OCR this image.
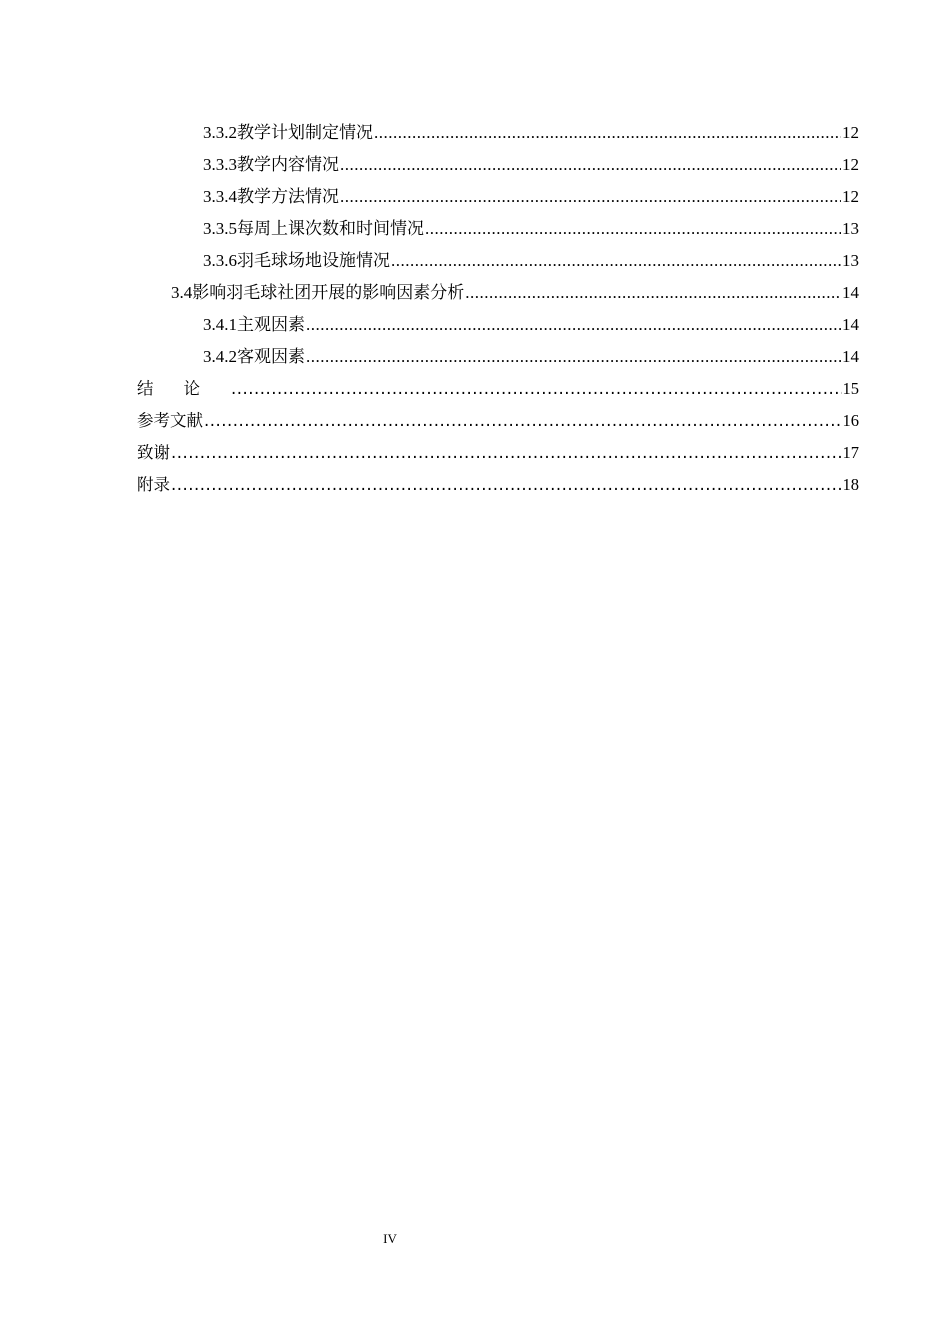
3.3.2 教学计划制定情况 .....	12
3.3.3 教学内容情况 .....	12
3.3.4 教学方法情况 .....	12
3.3.5 每周上课次数和时间情况 .....	13
3.3.6 羽毛球场地设施情况 .....	13
3.4 影响羽毛球社团开展的影响因素分析 .....	14
3.4.1 主观因素 .....	14
3.4.2 客观因素 .....	14
结论 .....	15
参考文献 .....	16
致谢 .....	17
附录 .....	18
IV
